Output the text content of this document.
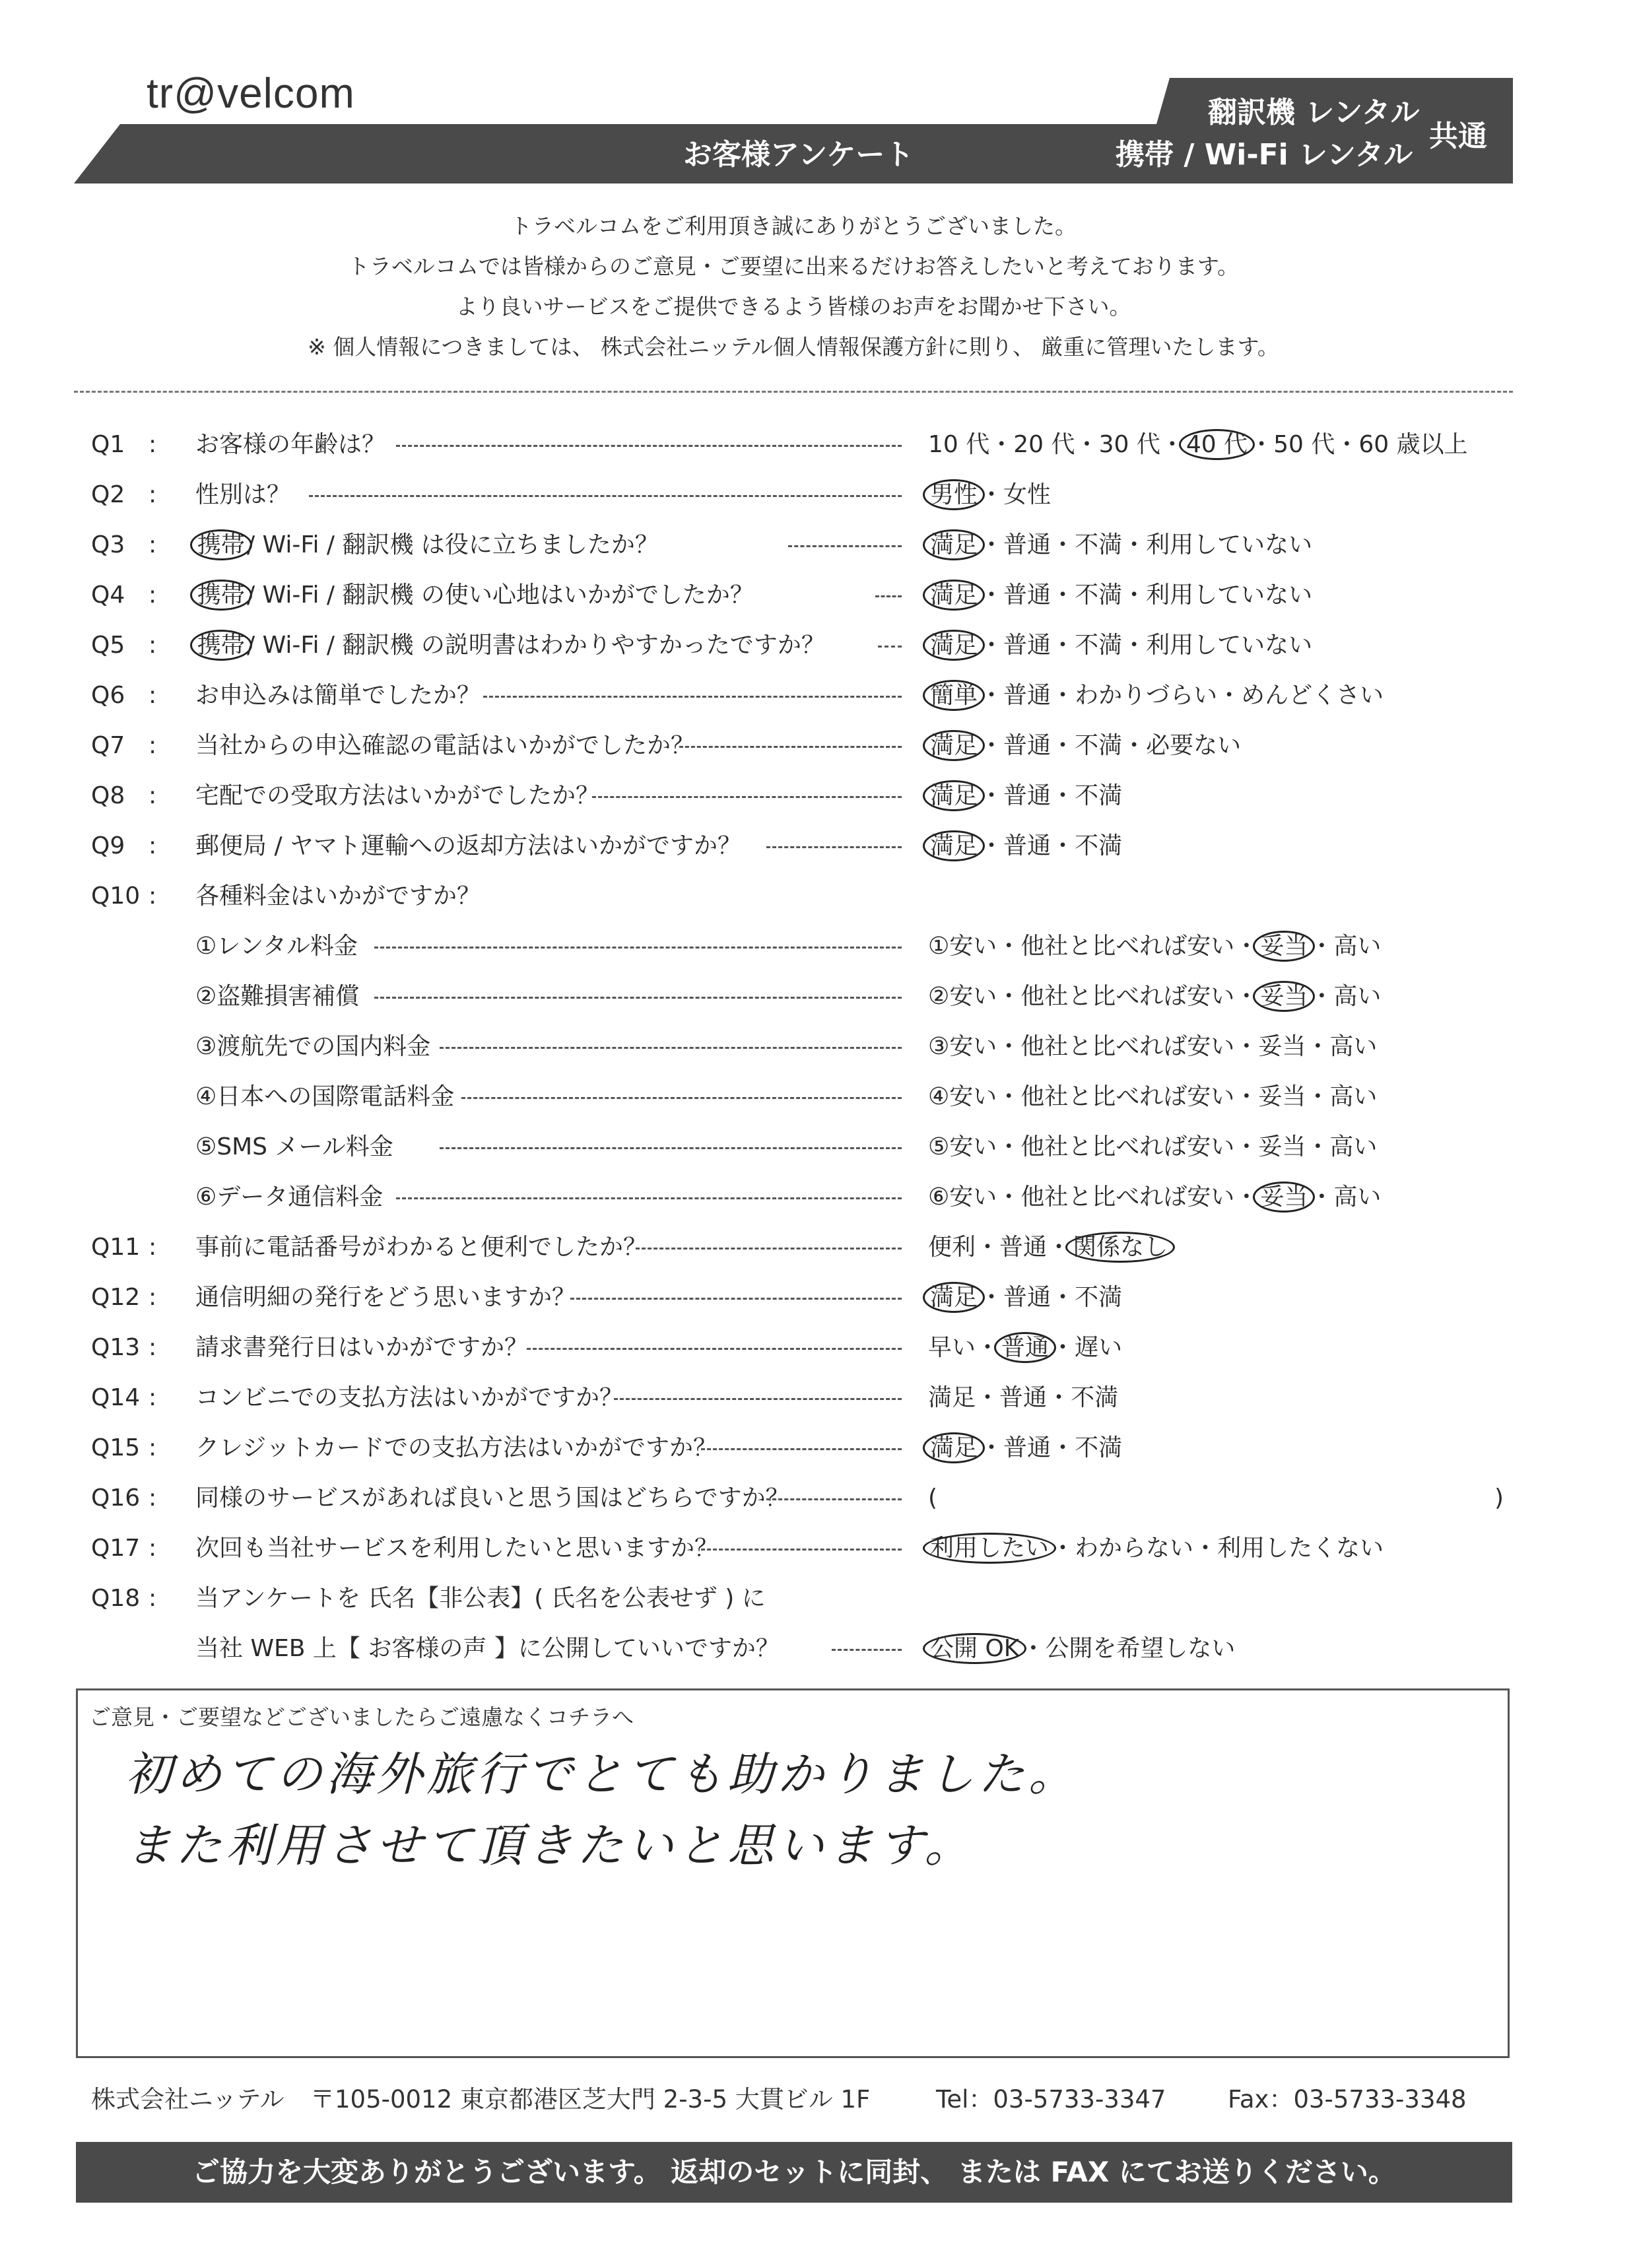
tr@velcom
お客様アンケート
翻訳機 レンタル
携帯 / Wi-Fi レンタル
共通
トラベルコムをご利用頂き誠にありがとうございました。
トラベルコムでは皆様からのご意見・ご要望に出来るだけお答えしたいと考えております。
より良いサービスをご提供できるよう皆様のお声をお聞かせ下さい。
※ 個人情報につきましては、 株式会社ニッテル個人情報保護方針に則り、 厳重に管理いたします。
Q1 : お客様の年齢は？	10 代・20 代・30 代・40 代・50 代・60 歳以上
Q2 : 性別は？	男性・女性
Q3 : 携帯/ Wi-Fi / 翻訳機 は役に立ちましたか？	満足・普通・不満・利用していない
Q4 : 携帯/ Wi-Fi / 翻訳機 の使い心地はいかがでしたか？	満足・普通・不満・利用していない
Q5 : 携帯/ Wi-Fi / 翻訳機 の説明書はわかりやすかったですか？	満足・普通・不満・利用していない
Q6 : お申込みは簡単でしたか？	簡単・普通・わかりづらい・めんどくさい
Q7 : 当社からの申込確認の電話はいかがでしたか？	満足・普通・不満・必要ない
Q8 : 宅配での受取方法はいかがでしたか？	満足・普通・不満
Q9 : 郵便局 / ヤマト運輸への返却方法はいかがですか？	満足・普通・不満
Q10 : 各種料金はいかがですか？
①レンタル料金	①安い・他社と比べれば安い・妥当・高い
②盗難損害補償	②安い・他社と比べれば安い・妥当・高い
③渡航先での国内料金	③安い・他社と比べれば安い・妥当・高い
④日本への国際電話料金	④安い・他社と比べれば安い・妥当・高い
⑤SMS メール料金	⑤安い・他社と比べれば安い・妥当・高い
⑥データ通信料金	⑥安い・他社と比べれば安い・妥当・高い
Q11 : 事前に電話番号がわかると便利でしたか？	便利・普通・関係なし
Q12 : 通信明細の発行をどう思いますか？	満足・普通・不満
Q13 : 請求書発行日はいかがですか？	早い・普通・遅い
Q14 : コンビニでの支払方法はいかがですか？	満足・普通・不満
Q15 : クレジットカードでの支払方法はいかがですか？	満足・普通・不満
Q16 : 同様のサービスがあれば良いと思う国はどちらですか？	(	)
Q17 : 次回も当社サービスを利用したいと思いますか？	利用したい・わからない・利用したくない
Q18 : 当アンケートを 氏名【非公表】( 氏名を公表せず ) に
当社 WEB 上【 お客様の声 】に公開していいですか？	公開 OK・公開を希望しない
ご意見・ご要望などございましたらご遠慮なくコチラへ
初めての海外旅行でとても助かりました。
また利用させて頂きたいと思います。
株式会社ニッテル 〒105-0012 東京都港区芝大門 2-3-5 大貫ビル 1F	Tel：03-5733-3347	Fax：03-5733-3348
ご協力を大変ありがとうございます。 返却のセットに同封、 または FAX にてお送りください。
